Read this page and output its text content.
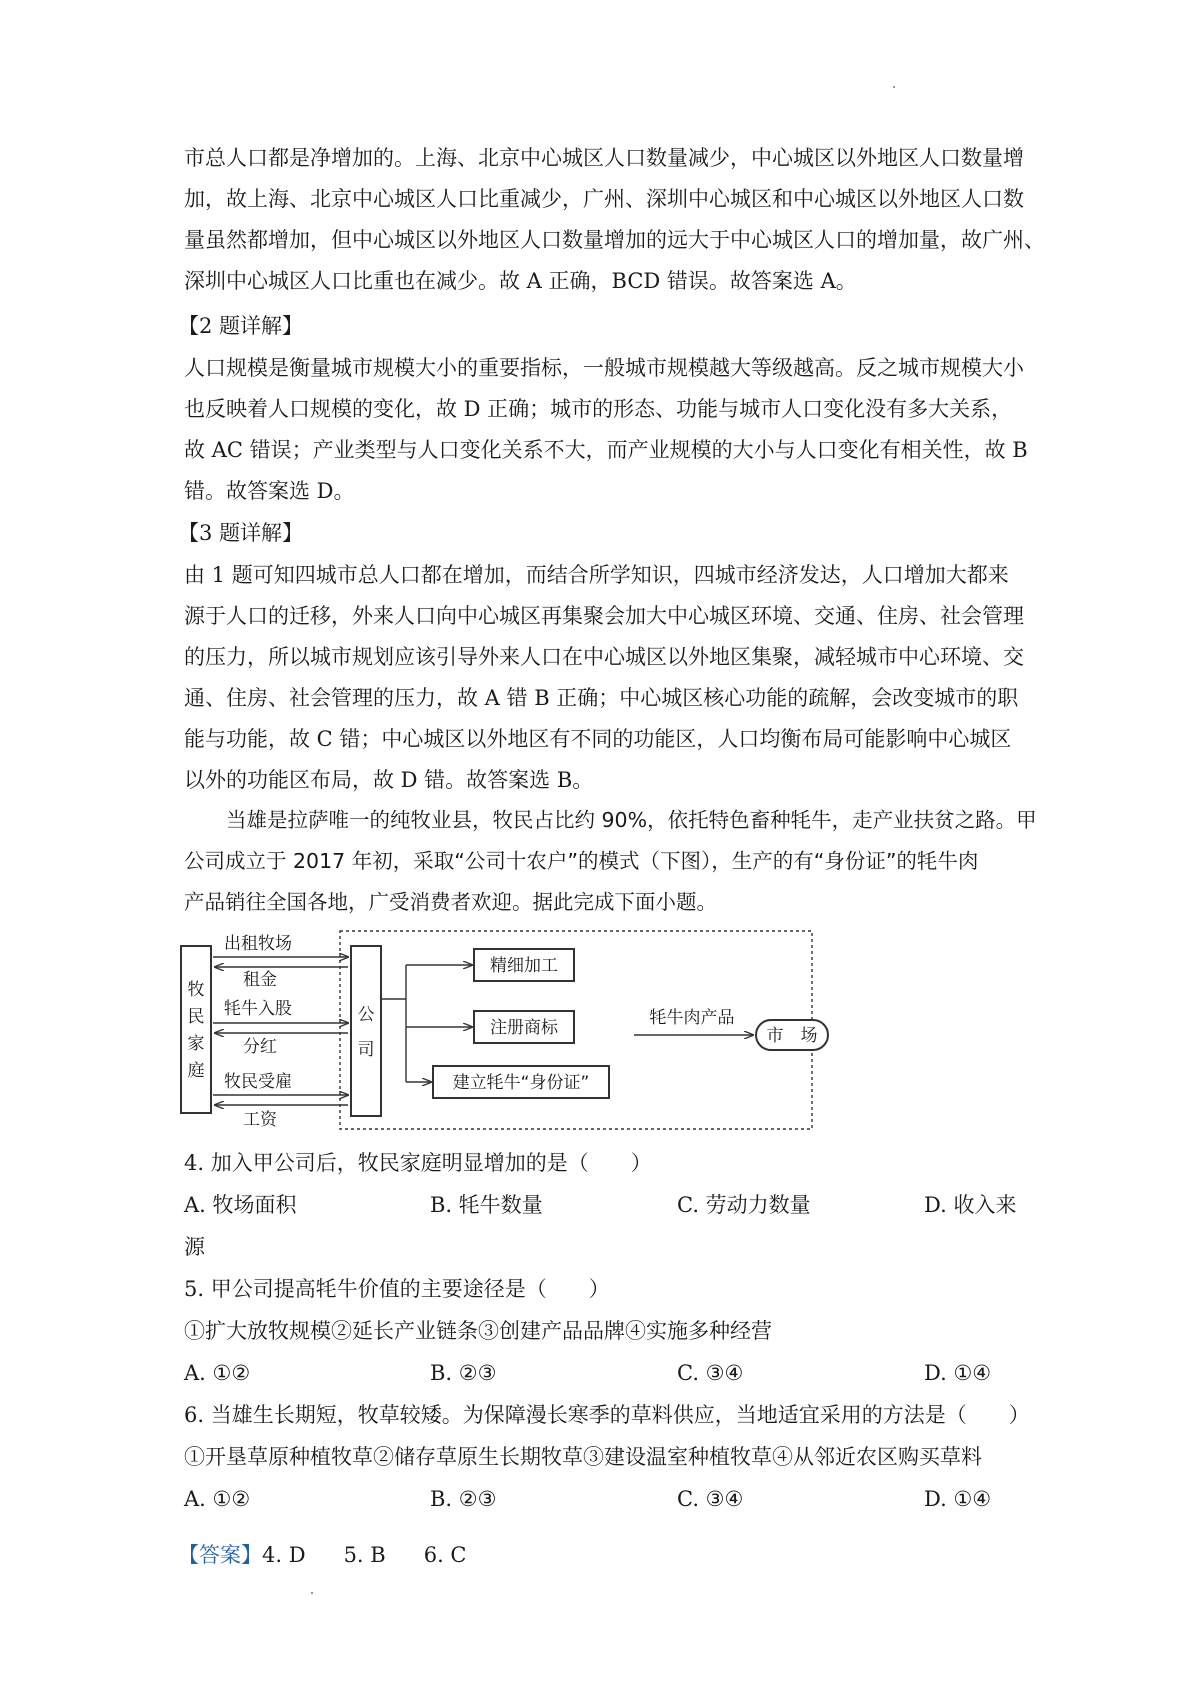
市总人口都是净增加的。上海、北京中心城区人口数量减少，中心城区以外地区人口数量增
加，故上海、北京中心城区人口比重减少，广州、深圳中心城区和中心城区以外地区人口数
量虽然都增加，但中心城区以外地区人口数量增加的远大于中心城区人口的增加量，故广州、
深圳中心城区人口比重也在减少。故 A 正确，BCD 错误。故答案选 A。
【2 题详解】
人口规模是衡量城市规模大小的重要指标，一般城市规模越大等级越高。反之城市规模大小
也反映着人口规模的变化，故 D 正确；城市的形态、功能与城市人口变化没有多大关系，
故 AC 错误；产业类型与人口变化关系不大，而产业规模的大小与人口变化有相关性，故 B
错。故答案选 D。
【3 题详解】
由 1 题可知四城市总人口都在增加，而结合所学知识，四城市经济发达，人口增加大都来
源于人口的迁移，外来人口向中心城区再集聚会加大中心城区环境、交通、住房、社会管理
的压力，所以城市规划应该引导外来人口在中心城区以外地区集聚，减轻城市中心环境、交
通、住房、社会管理的压力，故 A 错 B 正确；中心城区核心功能的疏解，会改变城市的职
能与功能，故 C 错；中心城区以外地区有不同的功能区，人口均衡布局可能影响中心城区
以外的功能区布局，故 D 错。故答案选 B。
当雄是拉萨唯一的纯牧业县，牧民占比约 90%，依托特色畜种牦牛，走产业扶贫之路。甲
公司成立于 2017 年初，采取“公司十农户”的模式（下图），生产的有“身份证”的牦牛肉
产品销往全国各地，广受消费者欢迎。据此完成下面小题。
牧
民
家
庭
公
司
出租牧场
租金
牦牛入股
分红
牧民受雇
工资
精细加工
注册商标
建立牦牛“身份证”
牦牛肉产品
市　场
4. 加入甲公司后，牧民家庭明显增加的是（　　）
A. 牧场面积	B. 牦牛数量	C. 劳动力数量	D. 收入来
源
5. 甲公司提高牦牛价值的主要途径是（　　）
①扩大放牧规模②延长产业链条③创建产品品牌④实施多种经营
A. ①②	B. ②③	C. ③④	D. ①④
6. 当雄生长期短，牧草较矮。为保障漫长寒季的草料供应，当地适宜采用的方法是（　　）
①开垦草原种植牧草②储存草原生长期牧草③建设温室种植牧草④从邻近农区购买草料
A. ①②	B. ②③	C. ③④	D. ①④
【答案】4. D 5. B 6. C
